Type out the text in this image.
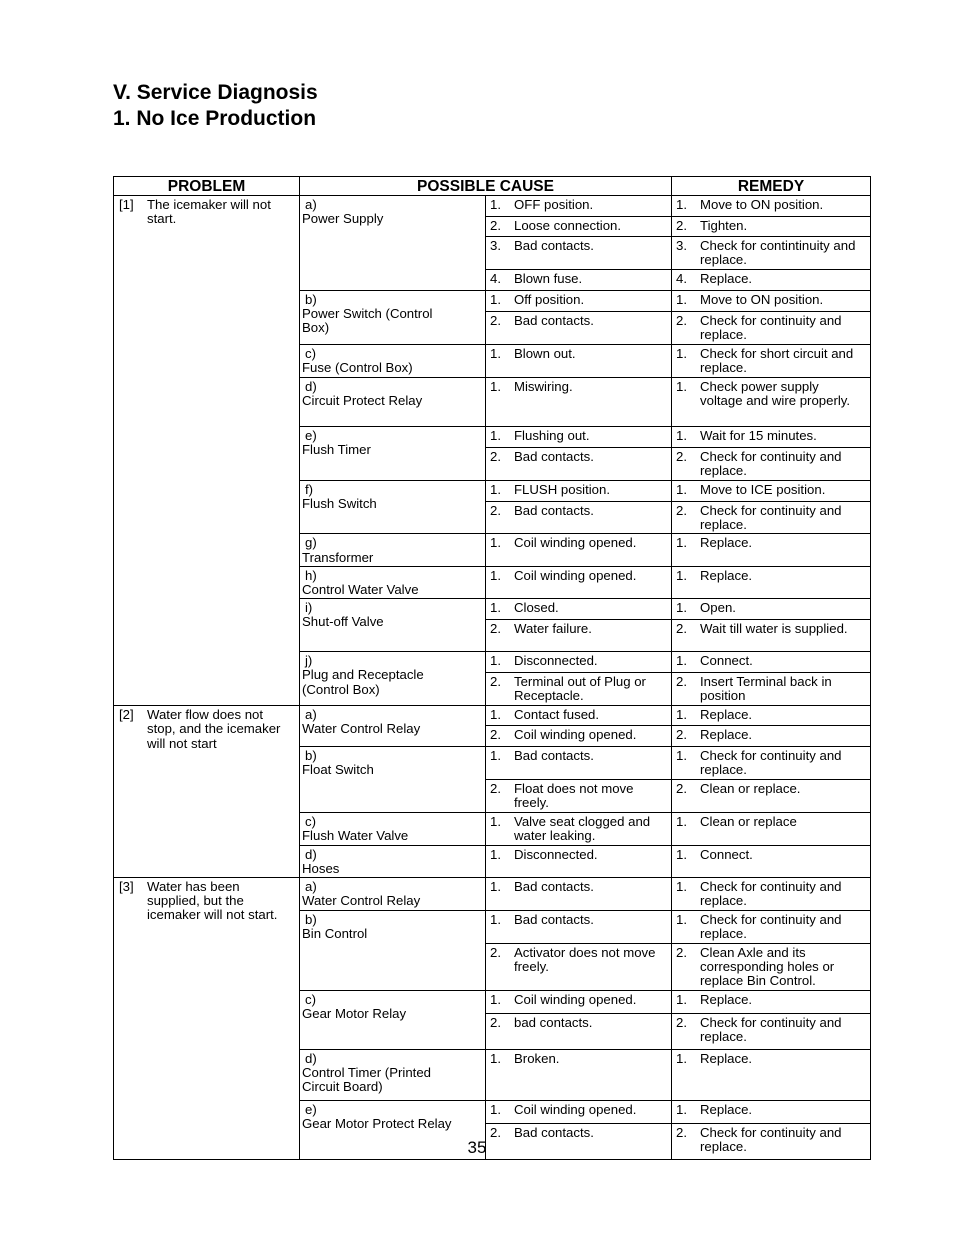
V. Service Diagnosis
1. No Ice Production
PROBLEM	POSSIBLE CAUSE		REMEDY
[1] The icemaker will not start.	a)Power Supply	1. OFF position.	1. Move to ON position.
		2. Loose connection.	2. Tighten.
		3. Bad contacts.	3. Check for contintinuity and replace.
		4. Blown fuse.	4. Replace.
	b)Power Switch (Control Box)	1. Off position.	1. Move to ON position.
		2. Bad contacts.	2. Check for continuity and replace.
	c)Fuse (Control Box)	1. Blown out.	1. Check for short circuit and replace.
	d)Circuit Protect Relay	1. Miswiring.	1. Check power supply voltage and wire properly.
	e)Flush Timer	1. Flushing out.	1. Wait for 15 minutes.
		2. Bad contacts.	2. Check for continuity and replace.
	f)Flush Switch	1. FLUSH position.	1. Move to ICE position.
		2. Bad contacts.	2. Check for continuity and replace.
	g)Transformer	1. Coil winding opened.	1. Replace.
	h)Control Water Valve	1. Coil winding opened.	1. Replace.
	i)Shut-off Valve	1. Closed.	1. Open.
		2. Water failure.	2. Wait till water is supplied.
	j)Plug and Receptacle (Control Box)	1. Disconnected.	1. Connect.
		2. Terminal out of Plug or Receptacle.	2. Insert Terminal back in position
[2] Water flow does not stop, and the icemaker will not start	a)Water Control Relay	1. Contact fused.	1. Replace.
		2. Coil winding opened.	2. Replace.
	b)Float Switch	1. Bad contacts.	1. Check for continuity and replace.
		2. Float does not move freely.	2. Clean or replace.
	c)Flush Water Valve	1. Valve seat clogged and water leaking.	1. Clean or replace
	d)Hoses	1. Disconnected.	1. Connect.
[3] Water has been supplied, but the icemaker will not start.	a)Water Control Relay	1. Bad contacts.	1. Check for continuity and replace.
	b)Bin Control	1. Bad contacts.	1. Check for continuity and replace.
		2. Activator does not move freely.	2. Clean Axle and its corresponding holes or replace Bin Control.
	c)Gear Motor Relay	1. Coil winding opened.	1. Replace.
		2. bad contacts.	2. Check for continuity and replace.
	d)Control Timer (Printed Circuit Board)	1. Broken.	1. Replace.
	e)Gear Motor Protect Relay	1. Coil winding opened.	1. Replace.
		2. Bad contacts.	2. Check for continuity and replace.
35
